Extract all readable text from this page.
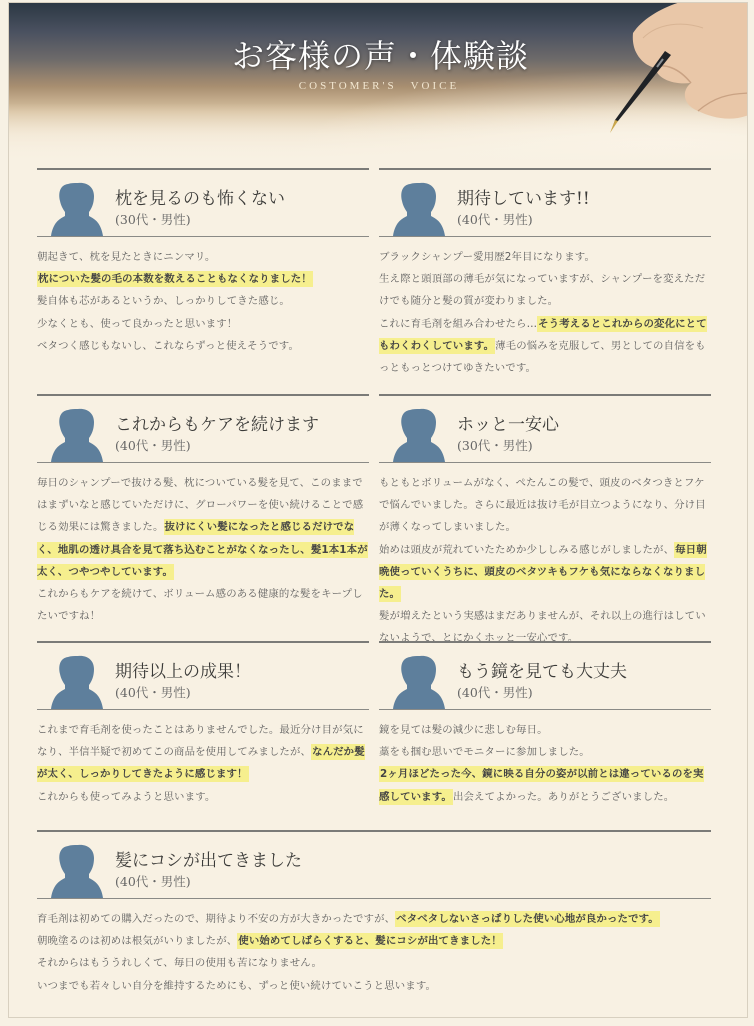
お客様の声・体験談
COSTOMER'S　VOICE
枕を見るのも怖くない
(30代・男性)

朝起きて、枕を見たときにニンマリ。

枕についた髪の毛の本数を数えることもなくなりました！

髪自体も芯があるというか、しっかりしてきた感じ。

少なくとも、使って良かったと思います！

ベタつく感じもないし、これならずっと使えそうです。

期待しています!!
(40代・男性)

ブラックシャンプー愛用歴2年目になります。

生え際と頭頂部の薄毛が気になっていますが、シャンプーを変えただけでも随分と髪の質が変わりました。

これに育毛剤を組み合わせたら…そう考えるとこれからの変化にとてもわくわくしています。薄毛の悩みを克服して、男としての自信をもっともっとつけてゆきたいです。

これからもケアを続けます
(40代・男性)

毎日のシャンプーで抜ける髪、枕についている髪を見て、このままではまずいなと感じていただけに、グローパワーを使い続けることで感じる効果には驚きました。抜けにくい髪になったと感じるだけでなく、地肌の透け具合を見て落ち込むことがなくなったし、髪1本1本が太く、つやつやしています。

これからもケアを続けて、ボリューム感のある健康的な髪をキープしたいですね！

ホッと一安心
(30代・男性)

もともとボリュームがなく、ぺたんこの髪で、頭皮のベタつきとフケで悩んでいました。さらに最近は抜け毛が目立つようになり、分け目が薄くなってしまいました。

始めは頭皮が荒れていたためか少ししみる感じがしましたが、毎日朝晩使っていくうちに、頭皮のベタツキもフケも気にならなくなりました。

髪が増えたという実感はまだありませんが、それ以上の進行はしていないようで、とにかくホッと一安心です。

期待以上の成果！
(40代・男性)

これまで育毛剤を使ったことはありませんでした。最近分け目が気になり、半信半疑で初めてこの商品を使用してみましたが、なんだか髪が太く、しっかりしてきたように感じます！

これからも使ってみようと思います。

もう鏡を見ても大丈夫
(40代・男性)

鏡を見ては髪の減少に悲しむ毎日。

藁をも掴む思いでモニターに参加しました。

2ヶ月ほどたった今、鏡に映る自分の姿が以前とは違っているのを実感しています。出会えてよかった。ありがとうございました。

髪にコシが出てきました
(40代・男性)

育毛剤は初めての購入だったので、期待より不安の方が大きかったですが、ベタベタしないさっぱりした使い心地が良かったです。

朝晩塗るのは初めは根気がいりましたが、使い始めてしばらくすると、髪にコシが出てきました！

それからはもううれしくて、毎日の使用も苦になりません。

いつまでも若々しい自分を維持するためにも、ずっと使い続けていこうと思います。
